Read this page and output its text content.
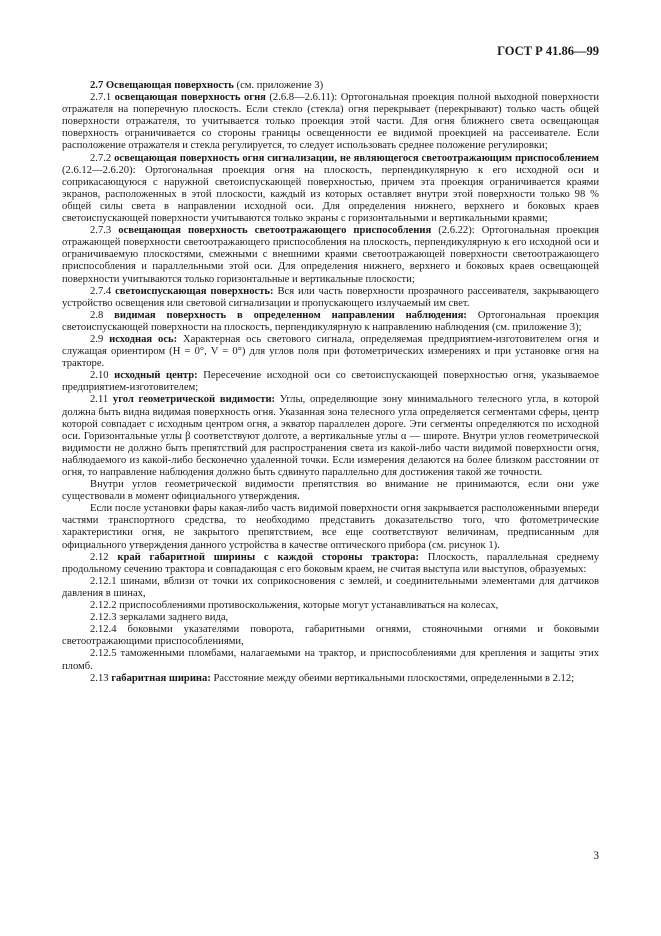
ГОСТ Р 41.86—99

2.7 Освещающая поверхность (см. приложение 3)

2.7.1 освещающая поверхность огня (2.6.8—2.6.11): Ортогональная проекция полной выходной поверхности отражателя на поперечную плоскость. Если стекло (стекла) огня перекрывает (перекрывают) только часть общей поверхности отражателя, то учитывается только проекция этой части. Для огня ближнего света освещающая поверхность ограничивается со стороны границы освещенности ее видимой проекцией на рассеивателе. Если расположение отражателя и стекла регулируется, то следует использовать среднее положение регулировки;

2.7.2 освещающая поверхность огня сигнализации, не являющегося светоотражающим приспособлением (2.6.12—2.6.20): Ортогональная проекция огня на плоскость, перпендикулярную к его исходной оси и соприкасающуюся с наружной светоиспускающей поверхностью, причем эта проекция ограничивается краями экранов, расположенных в этой плоскости, каждый из которых оставляет внутри этой поверхности только 98 % общей силы света в направлении исходной оси. Для определения нижнего, верхнего и боковых краев светоиспускающей поверхности учитываются только экраны с горизонтальными и вертикальными краями;

2.7.3 освещающая поверхность светоотражающего приспособления (2.6.22): Ортогональная проекция отражающей поверхности светоотражающего приспособления на плоскость, перпендикулярную к его исходной оси и ограничиваемую плоскостями, смежными с внешними краями светоотражающей поверхности светоотражающего приспособления и параллельными этой оси. Для определения нижнего, верхнего и боковых краев освещающей поверхности учитываются только горизонтальные и вертикальные плоскости;

2.7.4 светоиспускающая поверхность: Вся или часть поверхности прозрачного рассеивателя, закрывающего устройство освещения или световой сигнализации и пропускающего излучаемый им свет.

2.8 видимая поверхность в определенном направлении наблюдения: Ортогональная проекция светоиспускающей поверхности на плоскость, перпендикулярную к направлению наблюдения (см. приложение 3);

2.9 исходная ось: Характерная ось светового сигнала, определяемая предприятием-изготовителем огня и служащая ориентиром (H = 0°, V = 0°) для углов поля при фотометрических измерениях и при установке огня на тракторе.

2.10 исходный центр: Пересечение исходной оси со светоиспускающей поверхностью огня, указываемое предприятием-изготовителем;

2.11 угол геометрической видимости: Углы, определяющие зону минимального телесного угла, в которой должна быть видна видимая поверхность огня. Указанная зона телесного угла определяется сегментами сферы, центр которой совпадает с исходным центром огня, а экватор параллелен дороге. Эти сегменты определяются по исходной оси. Горизонтальные углы β соответствуют долготе, а вертикальные углы α — широте. Внутри углов геометрической видимости не должно быть препятствий для распространения света из какой-либо части видимой поверхности огня, наблюдаемого из какой-либо бесконечно удаленной точки. Если измерения делаются на более близком расстоянии от огня, то направление наблюдения должно быть сдвинуто параллельно для достижения такой же точности.

Внутри углов геометрической видимости препятствия во внимание не принимаются, если они уже существовали в момент официального утверждения.

Если после установки фары какая-либо часть видимой поверхности огня закрывается расположенными впереди частями транспортного средства, то необходимо представить доказательство того, что фотометрические характеристики огня, не закрытого препятствием, все еще соответствуют величинам, предписанным для официального утверждения данного устройства в качестве оптического прибора (см. рисунок 1).

2.12 край габаритной ширины с каждой стороны трактора: Плоскость, параллельная среднему продольному сечению трактора и совпадающая с его боковым краем, не считая выступа или выступов, образуемых:

2.12.1 шинами, вблизи от точки их соприкосновения с землей, и соединительными элементами для датчиков давления в шинах,

2.12.2 приспособлениями противоскольжения, которые могут устанавливаться на колесах,

2.12.3 зеркалами заднего вида,

2.12.4 боковыми указателями поворота, габаритными огнями, стояночными огнями и боковыми светоотражающими приспособлениями,

2.12.5 таможенными пломбами, налагаемыми на трактор, и приспособлениями для крепления и защиты этих пломб.

2.13 габаритная ширина: Расстояние между обеими вертикальными плоскостями, определенными в 2.12;

3
